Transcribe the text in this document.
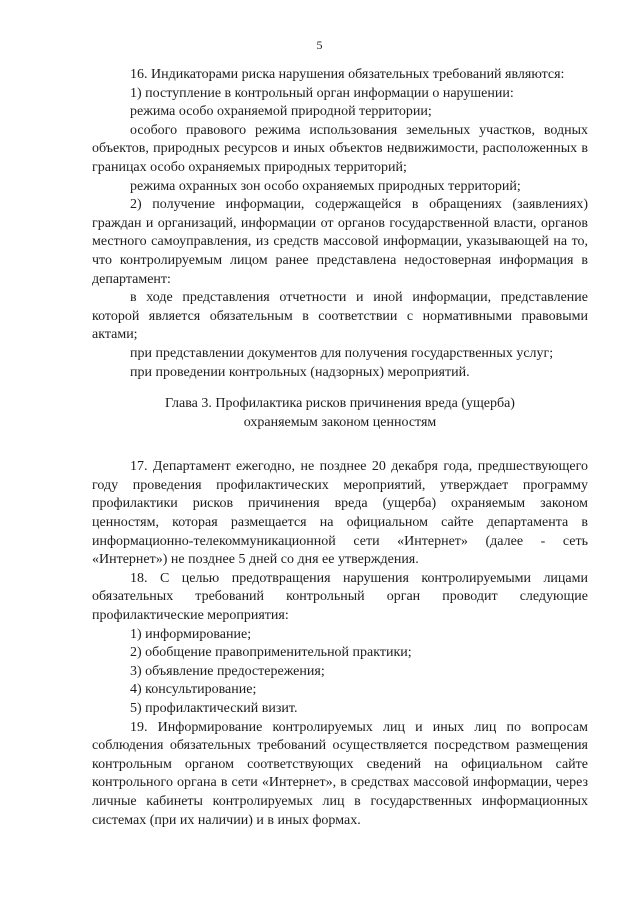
5

16. Индикаторами риска нарушения обязательных требований являются:

1) поступление в контрольный орган информации о нарушении:

режима особо охраняемой природной территории;

особого правового режима использования земельных участков, водных объектов, природных ресурсов и иных объектов недвижимости, расположенных в границах особо охраняемых природных территорий;

режима охранных зон особо охраняемых природных территорий;

2) получение информации, содержащейся в обращениях (заявлениях) граждан и организаций, информации от органов государственной власти, органов местного самоуправления, из средств массовой информации, указывающей на то, что контролируемым лицом ранее представлена недостоверная информация в департамент:

в ходе представления отчетности и иной информации, представление которой является обязательным в соответствии с нормативными правовыми актами;

при представлении документов для получения государственных услуг;

при проведении контрольных (надзорных) мероприятий.

Глава 3. Профилактика рисков причинения вреда (ущерба)
охраняемым законом ценностям

17. Департамент ежегодно, не позднее 20 декабря года, предшествующего году проведения профилактических мероприятий, утверждает программу профилактики рисков причинения вреда (ущерба) охраняемым законом ценностям, которая размещается на официальном сайте департамента в информационно-телекоммуникационной сети «Интернет» (далее - сеть «Интернет») не позднее 5 дней со дня ее утверждения.

18. С целью предотвращения нарушения контролируемыми лицами обязательных требований контрольный орган проводит следующие профилактические мероприятия:

1) информирование;

2) обобщение правоприменительной практики;

3) объявление предостережения;

4) консультирование;

5) профилактический визит.

19. Информирование контролируемых лиц и иных лиц по вопросам соблюдения обязательных требований осуществляется посредством размещения контрольным органом соответствующих сведений на официальном сайте контрольного органа в сети «Интернет», в средствах массовой информации, через личные кабинеты контролируемых лиц в государственных информационных системах (при их наличии) и в иных формах.
